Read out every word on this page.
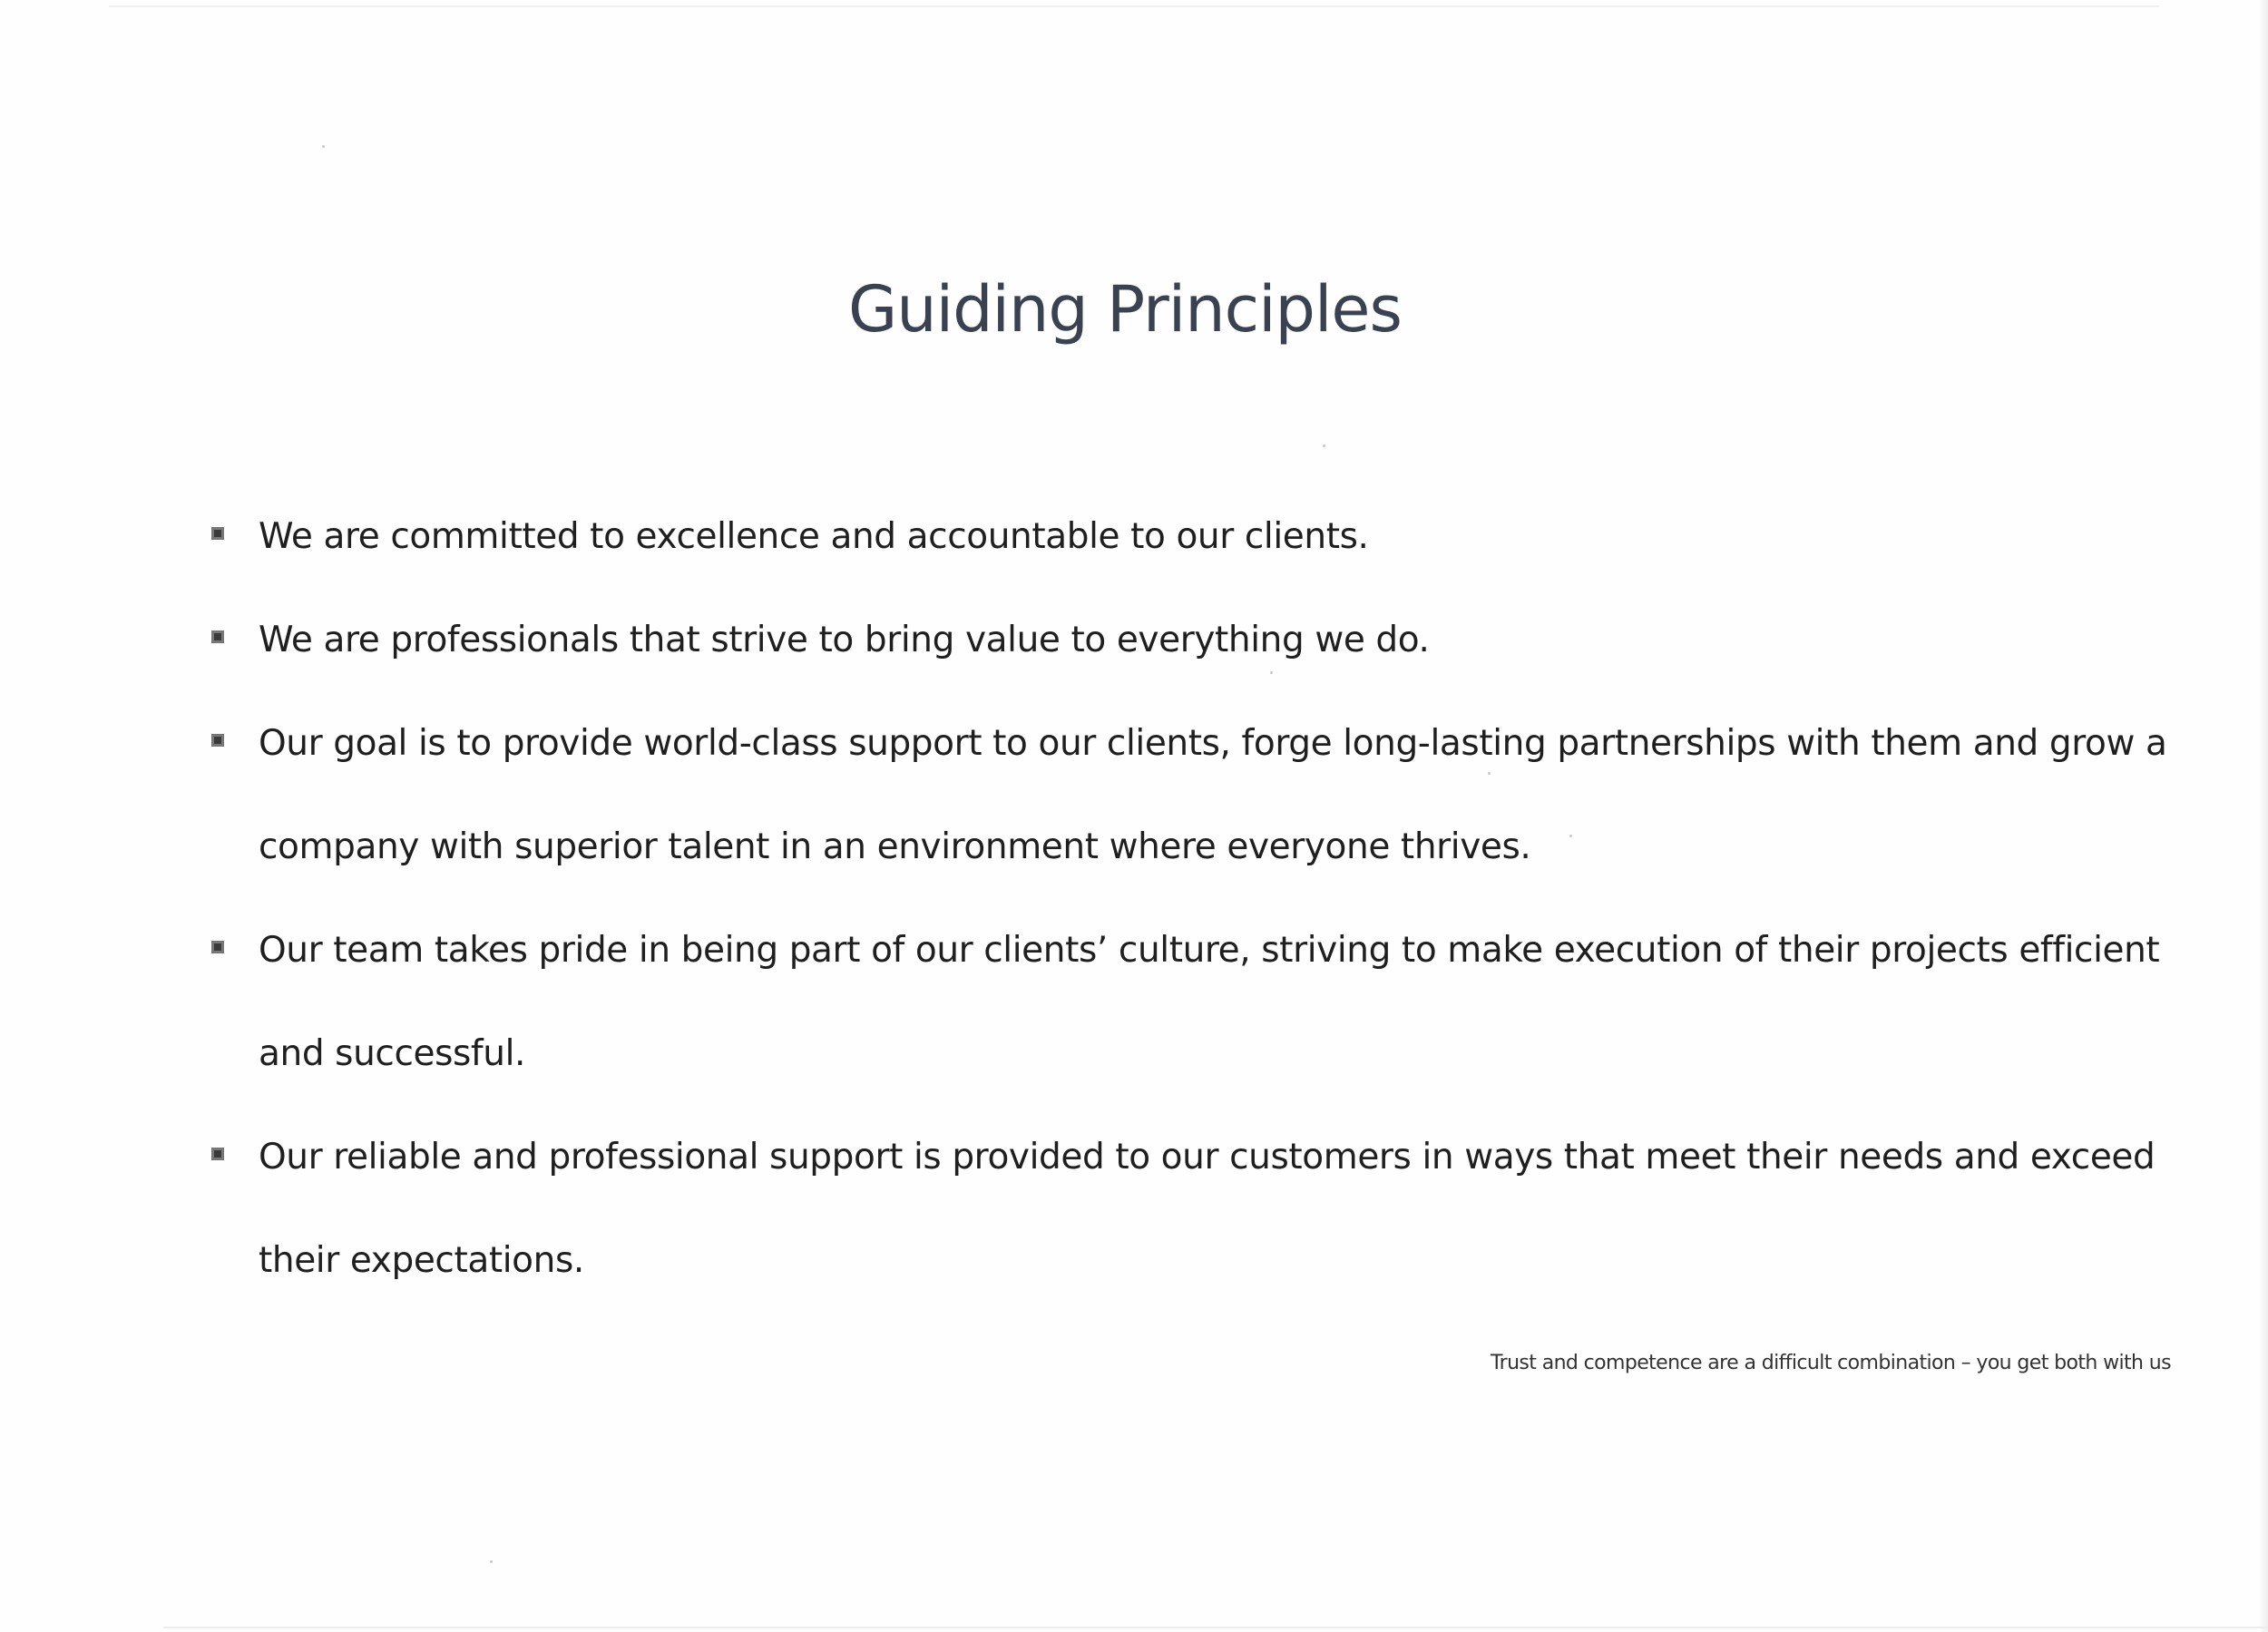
Guiding Principles
We are committed to excellence and accountable to our clients.
We are professionals that strive to bring value to everything we do.
Our goal is to provide world-class support to our clients, forge long-lasting partnerships with them and grow a company with superior talent in an environment where everyone thrives.
Our team takes pride in being part of our clients’ culture, striving to make execution of their projects efficient and successful.
Our reliable and professional support is provided to our customers in ways that meet their needs and exceed their expectations.

Trust and competence are a difficult combination – you get both with us
